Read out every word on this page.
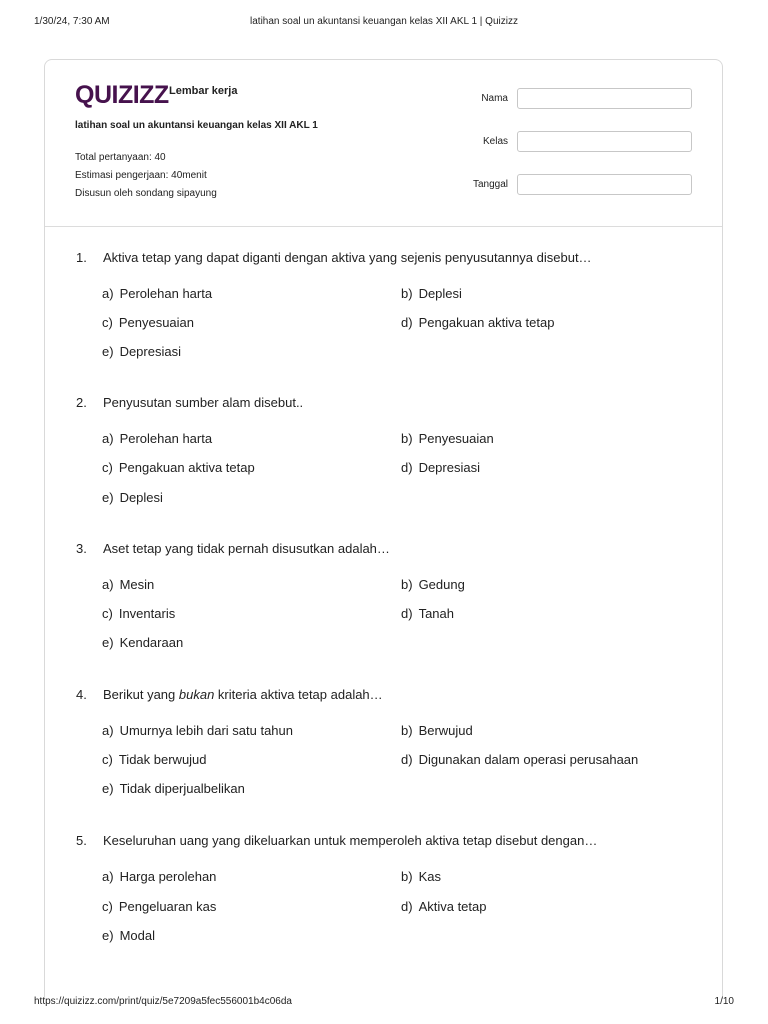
1/30/24, 7:30 AM	latihan soal un akuntansi keuangan kelas XII AKL 1 | Quizizz
QUIZIZZ Lembar kerja
latihan soal un akuntansi keuangan kelas XII AKL 1
Total pertanyaan: 40
Estimasi pengerjaan: 40menit
Disusun oleh sondang sipayung
Nama
Kelas
Tanggal
1. Aktiva tetap yang dapat diganti dengan aktiva yang sejenis penyusutannya disebut…
a) Perolehan harta	b) Deplesi
c) Penyesuaian	d) Pengakuan aktiva tetap
e) Depresiasi
2. Penyusutan sumber alam disebut..
a) Perolehan harta	b) Penyesuaian
c) Pengakuan aktiva tetap	d) Depresiasi
e) Deplesi
3. Aset tetap yang tidak pernah disusutkan adalah…
a) Mesin	b) Gedung
c) Inventaris	d) Tanah
e) Kendaraan
4. Berikut yang bukan kriteria aktiva tetap adalah…
a) Umurnya lebih dari satu tahun	b) Berwujud
c) Tidak berwujud	d) Digunakan dalam operasi perusahaan
e) Tidak diperjualbelikan
5. Keseluruhan uang yang dikeluarkan untuk memperoleh aktiva tetap disebut dengan…
a) Harga perolehan	b) Kas
c) Pengeluaran kas	d) Aktiva tetap
e) Modal
https://quizizz.com/print/quiz/5e7209a5fec556001b4c06da	1/10
